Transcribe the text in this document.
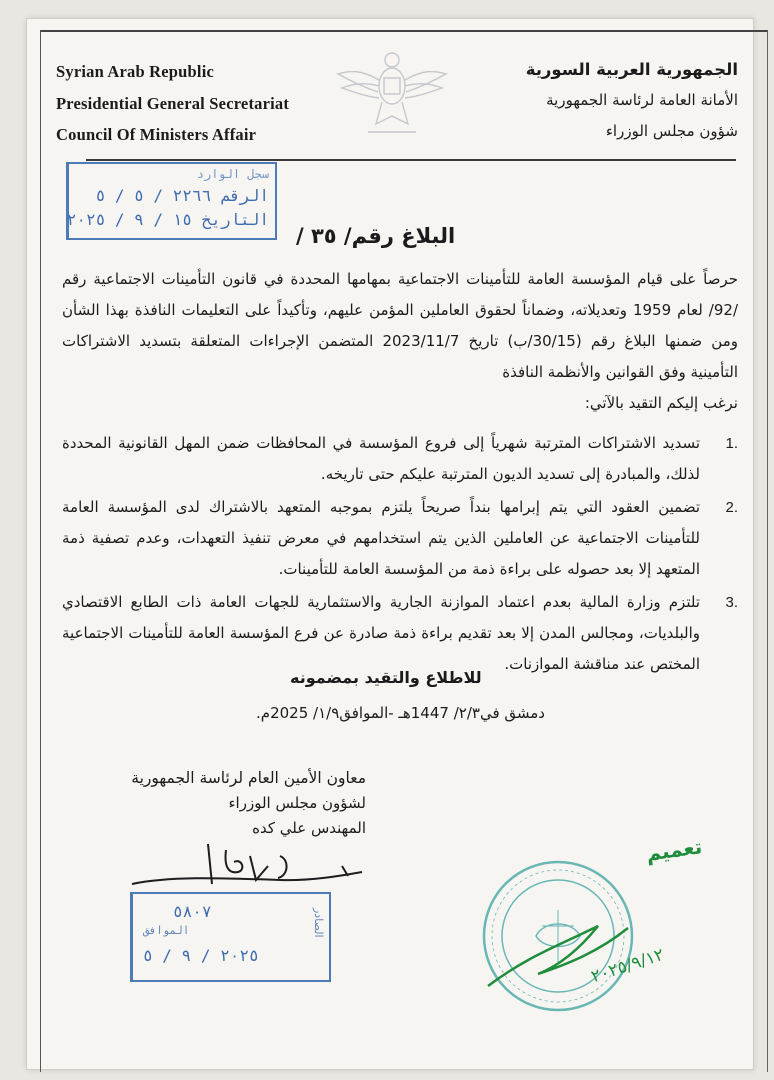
Syrian Arab Republic
Presidential General Secretariat
Council Of Ministers Affair
الجمهورية العربية السورية
الأمانة العامة لرئاسة الجمهورية
شؤون مجلس الوزراء
سجل الوارد
الرقم ٢٢٦٦ / ٥ / ٥
التاريخ ١٥ / ٩ / ٢٠٢٥
البلاغ رقم/ ٣٥ /
حرصاً على قيام المؤسسة العامة للتأمينات الاجتماعية بمهامها المحددة في قانون التأمينات الاجتماعية رقم /92/ لعام 1959 وتعديلاته، وضماناً لحقوق العاملين المؤمن عليهم، وتأكيداً على التعليمات النافذة بهذا الشأن ومن ضمنها البلاغ رقم (30/15/ب) تاريخ 2023/11/7 المتضمن الإجراءات المتعلقة بتسديد الاشتراكات التأمينية وفق القوانين والأنظمة النافذة
نرغب إليكم التقيد بالآتي:
1.
تسديد الاشتراكات المترتبة شهرياً إلى فروع المؤسسة في المحافظات ضمن المهل القانونية المحددة لذلك، والمبادرة إلى تسديد الديون المترتبة عليكم حتى تاريخه.
2.
تضمين العقود التي يتم إبرامها بنداً صريحاً يلتزم بموجبه المتعهد بالاشتراك لدى المؤسسة العامة للتأمينات الاجتماعية عن العاملين الذين يتم استخدامهم في معرض تنفيذ التعهدات، وعدم تصفية ذمة المتعهد إلا بعد حصوله على براءة ذمة من المؤسسة العامة للتأمينات.
3.
تلتزم وزارة المالية بعدم اعتماد الموازنة الجارية والاستثمارية للجهات العامة ذات الطابع الاقتصادي والبلديات، ومجالس المدن إلا بعد تقديم براءة ذمة صادرة عن فرع المؤسسة العامة للتأمينات الاجتماعية المختص عند مناقشة الموازنات.
للاطلاع والتقيد بمضمونه
دمشق في٢/٣/ 1447هـ -الموافق١/٩/ 2025م.
معاون الأمين العام لرئاسة الجمهورية
لشؤون مجلس الوزراء
المهندس علي كده
الصادر
٥٨٠٧
الموافق
٢٠٢٥ / ٩ / ٥
تعميم
٢٠٢٥/٩/١٢
